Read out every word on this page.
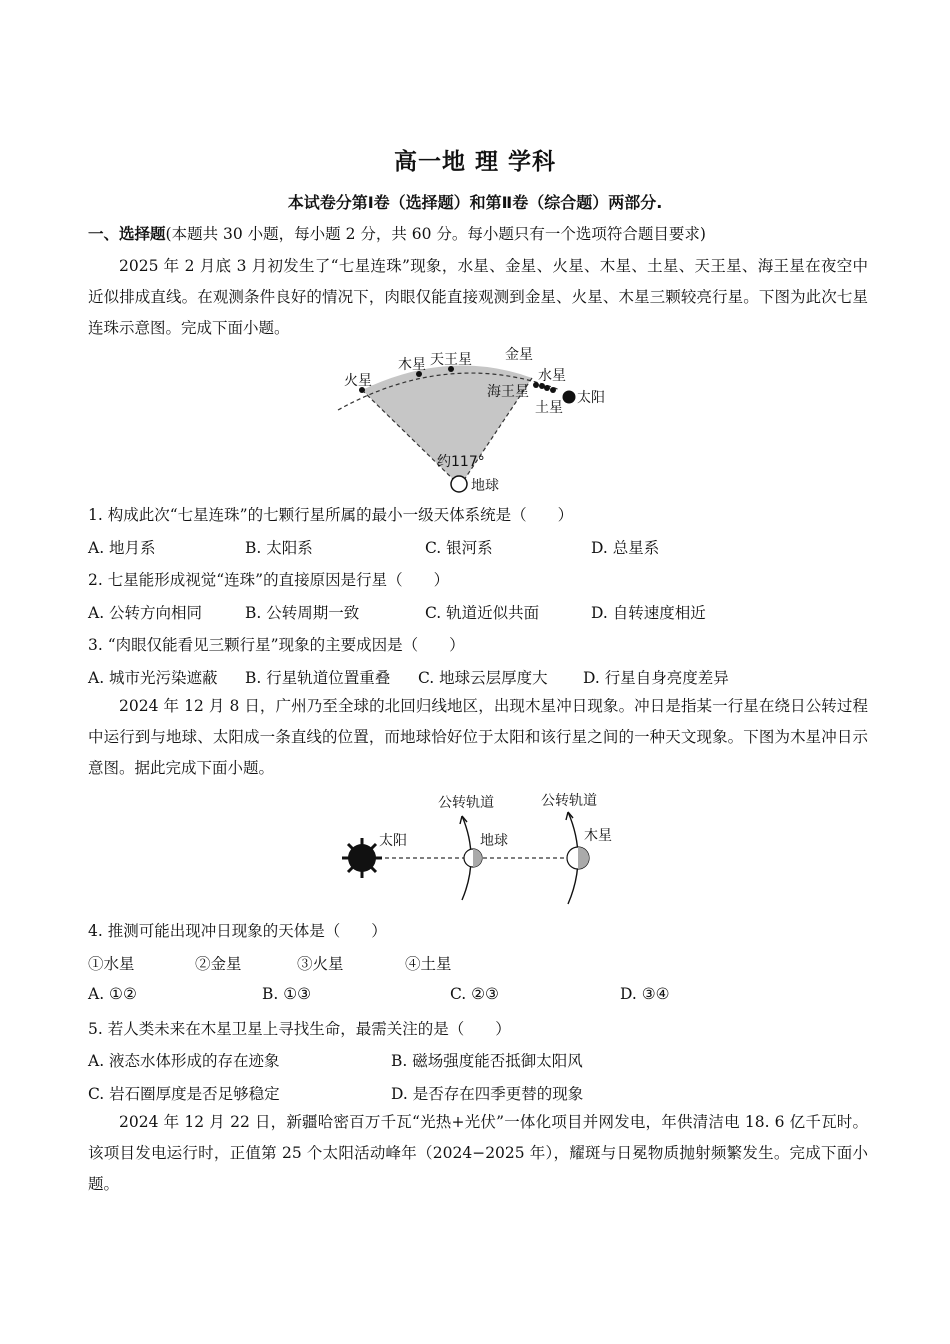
高一地 理 学科
本试卷分第Ⅰ卷（选择题）和第Ⅱ卷（综合题）两部分.
一、选择题(本题共 30 小题，每小题 2 分，共 60 分。每小题只有一个选项符合题目要求)
2025 年 2 月底 3 月初发生了“七星连珠”现象，水星、金星、火星、木星、土星、天王星、海王星在夜空中近似排成直线。在观测条件良好的情况下，肉眼仅能直接观测到金星、火星、木星三颗较亮行星。下图为此次七星连珠示意图。完成下面小题。
火星
木星 天王星 金星
水星
海王星	太阳
土星
约117°
地球
1. 构成此次“七星连珠”的七颗行星所属的最小一级天体系统是（　　）
A. 地月系	B. 太阳系	C. 银河系	D. 总星系
2. 七星能形成视觉“连珠”的直接原因是行星（　　）
A. 公转方向相同	B. 公转周期一致	C. 轨道近似共面	D. 自转速度相近
3. “肉眼仅能看见三颗行星”现象的主要成因是（　　）
A. 城市光污染遮蔽 B. 行星轨道位置重叠 C. 地球云层厚度大 D. 行星自身亮度差异
2024 年 12 月 8 日，广州乃至全球的北回归线地区，出现木星冲日现象。冲日是指某一行星在绕日公转过程中运行到与地球、太阳成一条直线的位置，而地球恰好位于太阳和该行星之间的一种天文现象。下图为木星冲日示意图。据此完成下面小题。
太阳	地球	木星
公转轨道	公转轨道
4. 推测可能出现冲日现象的天体是（　　）
①水星	②金星	③火星	④土星
A. ①②	B. ①③	C. ②③	D. ③④
5. 若人类未来在木星卫星上寻找生命，最需关注的是（　　）
A. 液态水体形成的存在迹象	B. 磁场强度能否抵御太阳风
C. 岩石圈厚度是否足够稳定	D. 是否存在四季更替的现象
2024 年 12 月 22 日，新疆哈密百万千瓦“光热+光伏”一体化项目并网发电，年供清洁电 18. 6 亿千瓦时。该项目发电运行时，正值第 25 个太阳活动峰年（2024−2025 年），耀斑与日冕物质抛射频繁发生。完成下面小题。
